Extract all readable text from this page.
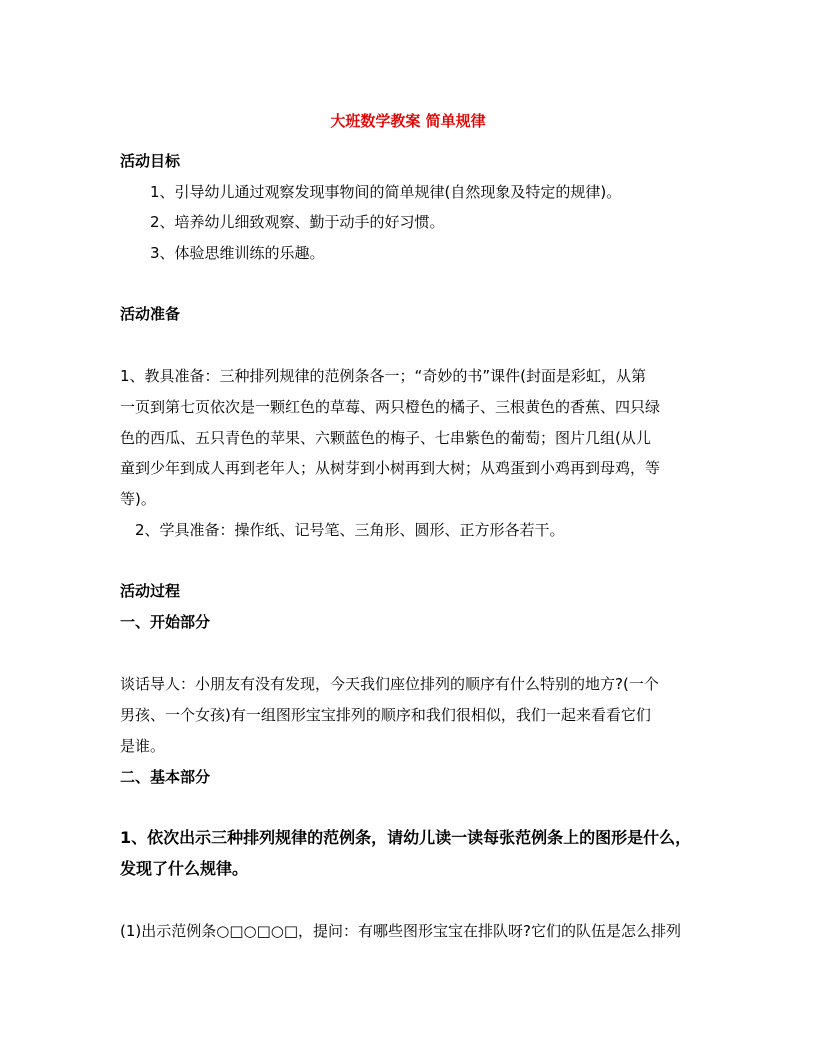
大班数学教案 简单规律
活动目标
1、引导幼儿通过观察发现事物间的简单规律(自然现象及特定的规律)。
2、培养幼儿细致观察、勤于动手的好习惯。
3、体验思维训练的乐趣。
活动准备
1、教具准备：三种排列规律的范例条各一；“奇妙的书”课件(封面是彩虹，从第
一页到第七页依次是一颗红色的草莓、两只橙色的橘子、三根黄色的香蕉、四只绿
色的西瓜、五只青色的苹果、六颗蓝色的梅子、七串紫色的葡萄；图片几组(从儿
童到少年到成人再到老年人；从树芽到小树再到大树；从鸡蛋到小鸡再到母鸡，等
等)。
2、学具准备：操作纸、记号笔、三角形、圆形、正方形各若干。
活动过程
一、开始部分
谈话导人：小朋友有没有发现，今天我们座位排列的顺序有什么特别的地方?(一个
男孩、一个女孩)有一组图形宝宝排列的顺序和我们很相似，我们一起来看看它们
是谁。
二、基本部分
1、依次出示三种排列规律的范例条，请幼儿读一读每张范例条上的图形是什么，
发现了什么规律。
(1)出示范例条○□○□○□，提问：有哪些图形宝宝在排队呀?它们的队伍是怎么排列
